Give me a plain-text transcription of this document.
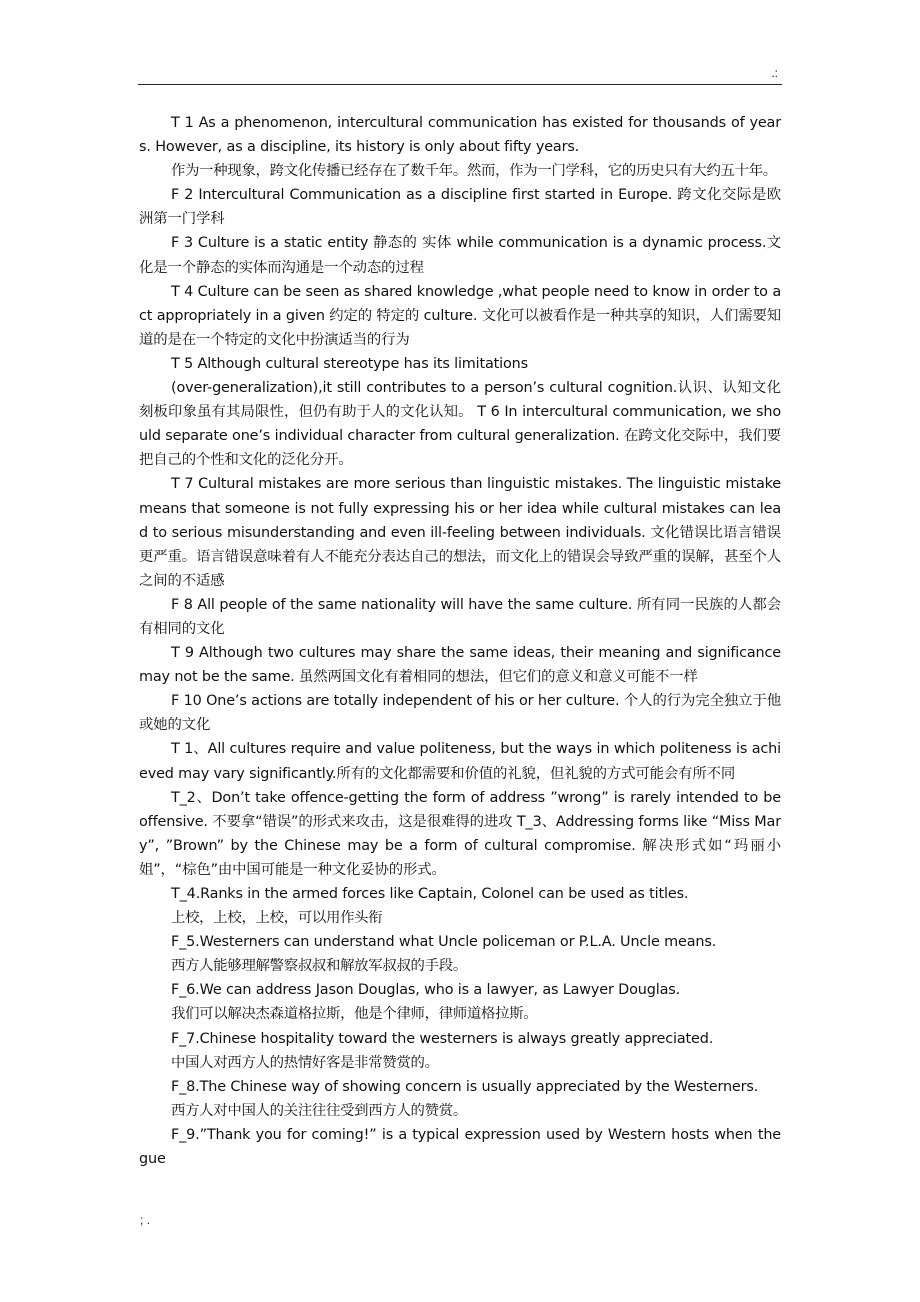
.:

T 1 As a phenomenon, intercultural communication has existed for thousands of years. However, as a discipline, its history is only about fifty years.

作为一种现象，跨文化传播已经存在了数千年。然而，作为一门学科，它的历史只有大约五十年。

F 2 Intercultural Communication as a discipline first started in Europe. 跨文化交际是欧洲第一门学科

F 3 Culture is a static entity 静态的 实体 while communication is a dynamic process.文化是一个静态的实体而沟通是一个动态的过程

T 4 Culture can be seen as shared knowledge ,what people need to know in order to act appropriately in a given 约定的 特定的 culture. 文化可以被看作是一种共享的知识，人们需要知道的是在一个特定的文化中扮演适当的行为

T 5 Although cultural stereotype has its limitations

(over-generalization),it still contributes to a person’s cultural cognition.认识、认知文化刻板印象虽有其局限性，但仍有助于人的文化认知。 T 6 In intercultural communication, we should separate one’s individual character from cultural generalization. 在跨文化交际中，我们要把自己的个性和文化的泛化分开。

T 7 Cultural mistakes are more serious than linguistic mistakes. The linguistic mistake means that someone is not fully expressing his or her idea while cultural mistakes can lead to serious misunderstanding and even ill-feeling between individuals. 文化错误比语言错误更严重。语言错误意味着有人不能充分表达自己的想法，而文化上的错误会导致严重的误解，甚至个人之间的不适感

F 8 All people of the same nationality will have the same culture. 所有同一民族的人都会有相同的文化

T 9 Although two cultures may share the same ideas, their meaning and significance may not be the same. 虽然两国文化有着相同的想法，但它们的意义和意义可能不一样

F 10 One’s actions are totally independent of his or her culture. 个人的行为完全独立于他或她的文化

T 1、All cultures require and value politeness, but the ways in which politeness is achieved may vary significantly.所有的文化都需要和价值的礼貌，但礼貌的方式可能会有所不同

T_2、Don’t take offence-getting the form of address ”wrong” is rarely intended to be offensive. 不要拿“错误”的形式来攻击，这是很难得的进攻 T_3、Addressing forms like “Miss Mary”, ”Brown” by the Chinese may be a form of cultural compromise. 解决形式如“玛丽小姐”，“棕色”由中国可能是一种文化妥协的形式。

T_4.Ranks in the armed forces like Captain, Colonel can be used as titles.

上校，上校，上校，可以用作头衔

F_5.Westerners can understand what Uncle policeman or P.L.A. Uncle means.

西方人能够理解警察叔叔和解放军叔叔的手段。

F_6.We can address Jason Douglas, who is a lawyer, as Lawyer Douglas.

我们可以解决杰森道格拉斯，他是个律师，律师道格拉斯。

F_7.Chinese hospitality toward the westerners is always greatly appreciated.

中国人对西方人的热情好客是非常赞赏的。

F_8.The Chinese way of showing concern is usually appreciated by the Westerners.

西方人对中国人的关注往往受到西方人的赞赏。

F_9.”Thank you for coming!” is a typical expression used by Western hosts when the gue

; .
